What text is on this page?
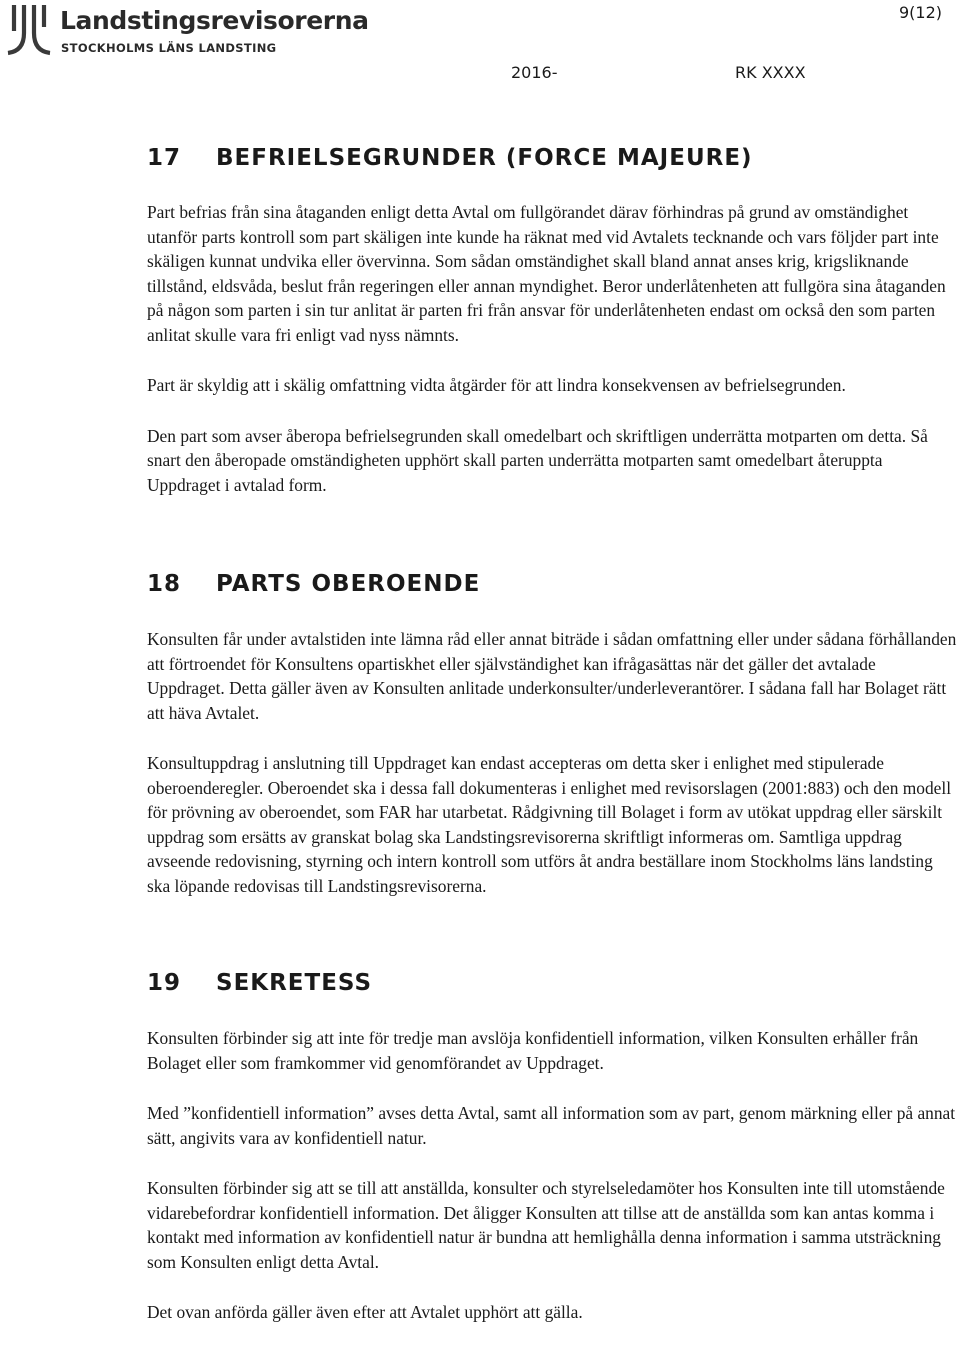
Landstingsrevisorerna

STOCKHOLMS LÄNS LANDSTING

9(12)
2016-	RK XXXX
17	BEFRIELSEGRUNDER (FORCE MAJEURE)

Part befrias från sina åtaganden enligt detta Avtal om fullgörandet därav förhindras på grund av omständighet utanför parts kontroll som part skäligen inte kunde ha räknat med vid Avtalets tecknande och vars följder part inte skäligen kunnat undvika eller övervinna. Som sådan omständighet skall bland annat anses krig, krigsliknande tillstånd, eldsvåda, beslut från regeringen eller annan myndighet. Beror underlåtenheten att fullgöra sina åtaganden på någon som parten i sin tur anlitat är parten fri från ansvar för underlåtenheten endast om också den som parten anlitat skulle vara fri enligt vad nyss nämnts.

Part är skyldig att i skälig omfattning vidta åtgärder för att lindra konsekvensen av befrielsegrunden.

Den part som avser åberopa befrielsegrunden skall omedelbart och skriftligen underrätta motparten om detta. Så snart den åberopade omständigheten upphört skall parten underrätta motparten samt omedelbart återuppta Uppdraget i avtalad form.

18	PARTS OBEROENDE

Konsulten får under avtalstiden inte lämna råd eller annat biträde i sådan omfattning eller under sådana förhållanden att förtroendet för Konsultens opartiskhet eller självständighet kan ifrågasättas när det gäller det avtalade Uppdraget. Detta gäller även av Konsulten anlitade underkonsulter/underleverantörer. I sådana fall har Bolaget rätt att häva Avtalet.

Konsultuppdrag i anslutning till Uppdraget kan endast accepteras om detta sker i enlighet med stipulerade oberoenderegler. Oberoendet ska i dessa fall dokumenteras i enlighet med revisorslagen (2001:883) och den modell för prövning av oberoendet, som FAR har utarbetat. Rådgivning till Bolaget i form av utökat uppdrag eller särskilt uppdrag som ersätts av granskat bolag ska Landstingsrevisorerna skriftligt informeras om. Samtliga uppdrag avseende redovisning, styrning och intern kontroll som utförs åt andra beställare inom Stockholms läns landsting ska löpande redovisas till Landstingsrevisorerna.

19	SEKRETESS

Konsulten förbinder sig att inte för tredje man avslöja konfidentiell information, vilken Konsulten erhåller från Bolaget eller som framkommer vid genomförandet av Uppdraget.

Med ”konfidentiell information” avses detta Avtal, samt all information som av part, genom märkning eller på annat sätt, angivits vara av konfidentiell natur.

Konsulten förbinder sig att se till att anställda, konsulter och styrelseledamöter hos Konsulten inte till utomstående vidarebefordrar konfidentiell information. Det åligger Konsulten att tillse att de anställda som kan antas komma i kontakt med information av konfidentiell natur är bundna att hemlighålla denna information i samma utsträckning som Konsulten enligt detta Avtal.

Det ovan anförda gäller även efter att Avtalet upphört att gälla.
